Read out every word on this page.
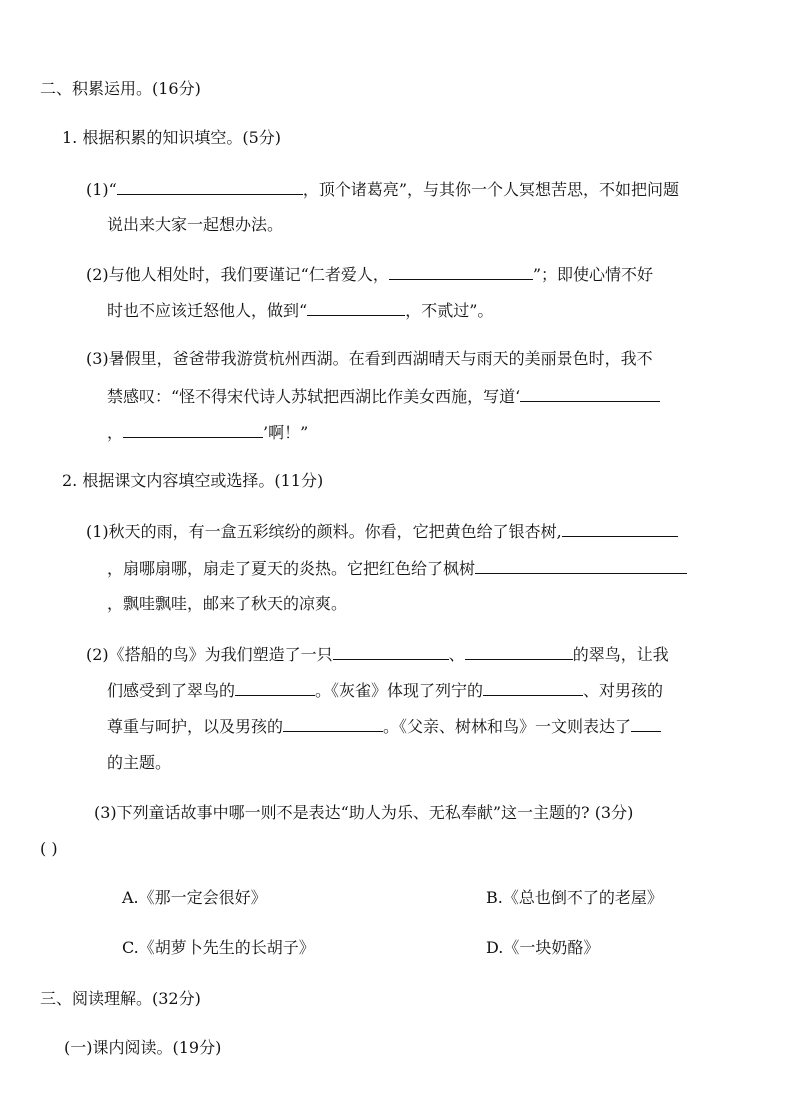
二、积累运用。(16分)
1. 根据积累的知识填空。(5分)
(1)“	，顶个诸葛亮”，与其你一个人冥想苦思，不如把问题
说出来大家一起想办法。
(2)与他人相处时，我们要谨记“仁者爱人，	”；即使心情不好
时也不应该迁怒他人，做到“	，不贰过”。
(3)暑假里，爸爸带我游赏杭州西湖。在看到西湖晴天与雨天的美丽景色时，我不
禁感叹：“怪不得宋代诗人苏轼把西湖比作美女西施，写道‘
，	’啊！”
2. 根据课文内容填空或选择。(11分)
(1)秋天的雨，有一盒五彩缤纷的颜料。你看，它把黄色给了银杏树,
，扇哪扇哪，扇走了夏天的炎热。它把红色给了枫树
，飘哇飘哇，邮来了秋天的凉爽。
(2)《搭船的鸟》为我们塑造了一只	、	的翠鸟，让我
们感受到了翠鸟的	。《灰雀》体现了列宁的	、对男孩的
尊重与呵护，以及男孩的	。《父亲、树林和鸟》一文则表达了
的主题。
(3)下列童话故事中哪一则不是表达“助人为乐、无私奉献”这一主题的? (3分)
( )
A.《那一定会很好》	B.《总也倒不了的老屋》
C.《胡萝卜先生的长胡子》	D.《一块奶酪》
三、阅读理解。(32分)
(一)课内阅读。(19分)
